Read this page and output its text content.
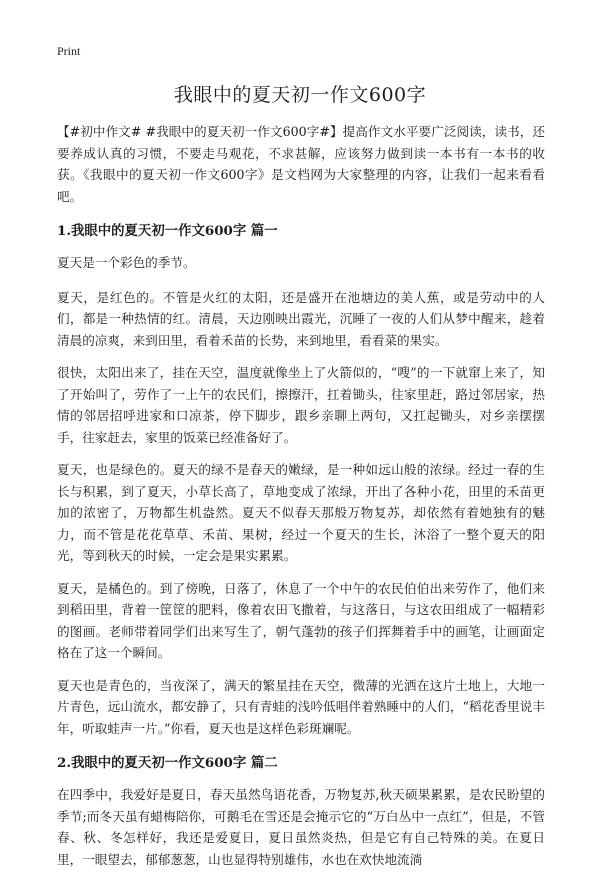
Print
我眼中的夏天初一作文600字

【#初中作文# #我眼中的夏天初一作文600字#】提高作文水平要广泛阅读，读书，还要养成认真的习惯，不要走马观花，不求甚解，应该努力做到读一本书有一本书的收获。《我眼中的夏天初一作文600字》是文档网为大家整理的内容，让我们一起来看看吧。

1.我眼中的夏天初一作文600字 篇一

夏天是一个彩色的季节。

夏天，是红色的。不管是火红的太阳，还是盛开在池塘边的美人蕉，或是劳动中的人们，都是一种热情的红。清晨，天边刚映出霞光，沉睡了一夜的人们从梦中醒来，趁着清晨的凉爽，来到田里，看着禾苗的长势，来到地里，看看菜的果实。

很快，太阳出来了，挂在天空，温度就像坐上了火箭似的，“嗖”的一下就窜上来了，知了开始叫了，劳作了一上午的农民们，擦擦汗，扛着锄头，往家里赶，路过邻居家，热情的邻居招呼进家和口凉茶，停下脚步，跟乡亲聊上两句，又扛起锄头，对乡亲摆摆手，往家赶去，家里的饭菜已经准备好了。

夏天，也是绿色的。夏天的绿不是春天的嫩绿，是一种如远山般的浓绿。经过一春的生长与积累，到了夏天，小草长高了，草地变成了浓绿，开出了各种小花，田里的禾苗更加的浓密了，万物都生机盎然。夏天不似春天那般万物复苏，却依然有着她独有的魅力，而不管是花花草草、禾苗、果树，经过一个夏天的生长，沐浴了一整个夏天的阳光，等到秋天的时候，一定会是果实累累。

夏天，是橘色的。到了傍晚，日落了，休息了一个中午的农民伯伯出来劳作了，他们来到稻田里，背着一筐筐的肥料，像着农田飞撒着，与这落日，与这农田组成了一幅精彩的图画。老师带着同学们出来写生了，朝气蓬勃的孩子们挥舞着手中的画笔，让画面定格在了这一个瞬间。

夏天也是青色的，当夜深了，满天的繁星挂在天空，微薄的光洒在这片土地上，大地一片青色，远山流水，都安静了，只有青蛙的浅吟低唱伴着熟睡中的人们，“稻花香里说丰年，听取蛙声一片。”你看，夏天也是这样色彩斑斓呢。

2.我眼中的夏天初一作文600字 篇二

在四季中，我爱好是夏日，春天虽然鸟语花香，万物复苏,秋天硕果累累，是农民盼望的季节;而冬天虽有蜡梅陪你，可鹅毛在雪还是会掩示它的“万白丛中一点红”，但是，不管春、秋、冬怎样好，我还是爱夏日，夏日虽然炎热，但是它有自己特殊的美。在夏日里，一眼望去，郁郁葱葱，山也显得特别雄伟，水也在欢快地流淌
